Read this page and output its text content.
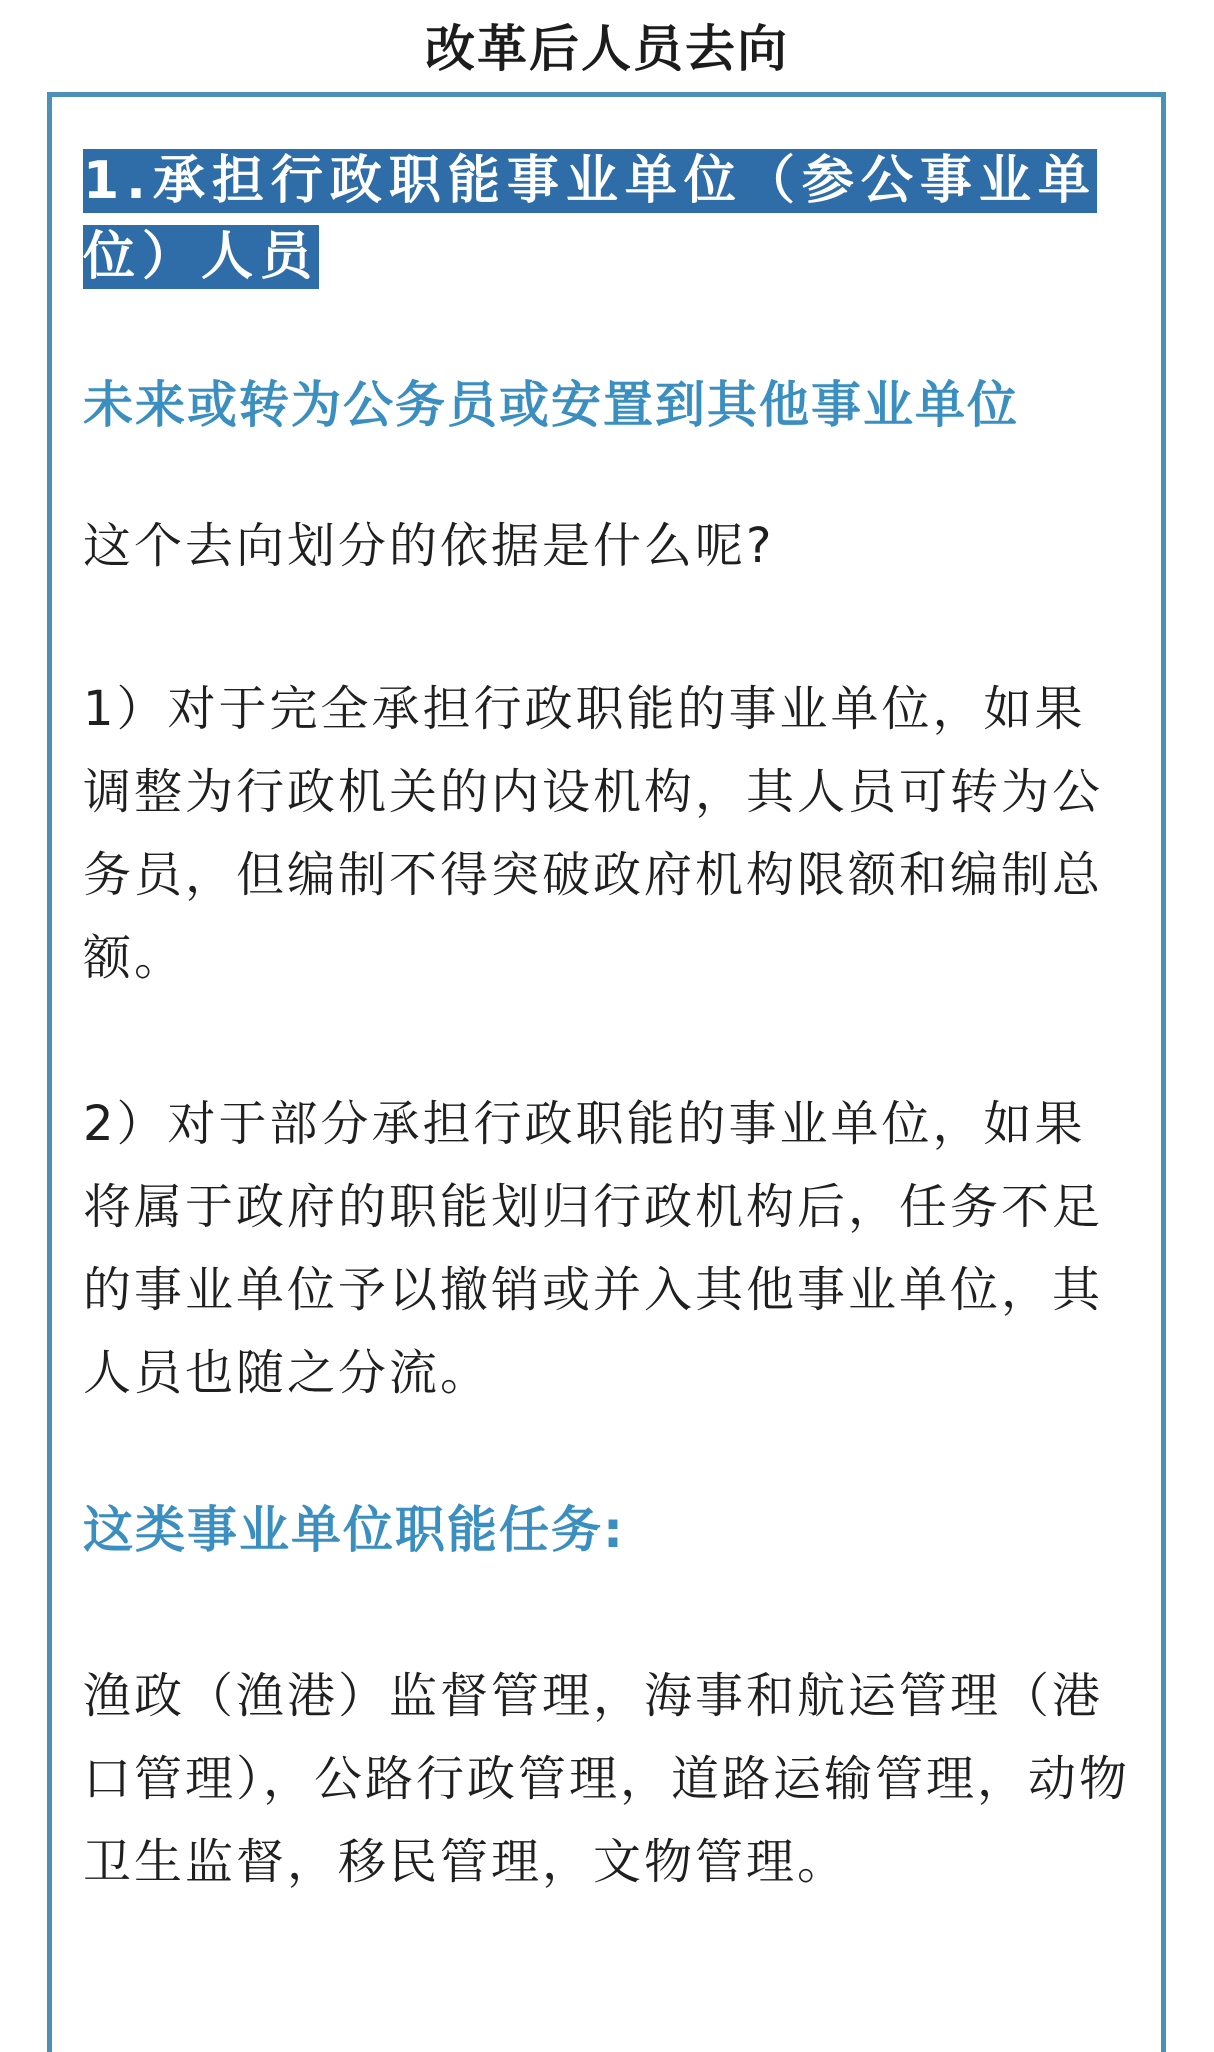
改革后人员去向
1.承担行政职能事业单位（参公事业单位）人员
未来或转为公务员或安置到其他事业单位
这个去向划分的依据是什么呢?
1）对于完全承担行政职能的事业单位，如果调整为行政机关的内设机构，其人员可转为公务员，但编制不得突破政府机构限额和编制总额。
2）对于部分承担行政职能的事业单位，如果将属于政府的职能划归行政机构后，任务不足的事业单位予以撤销或并入其他事业单位，其人员也随之分流。
这类事业单位职能任务:
渔政（渔港）监督管理，海事和航运管理（港口管理），公路行政管理，道路运输管理，动物卫生监督，移民管理，文物管理。
